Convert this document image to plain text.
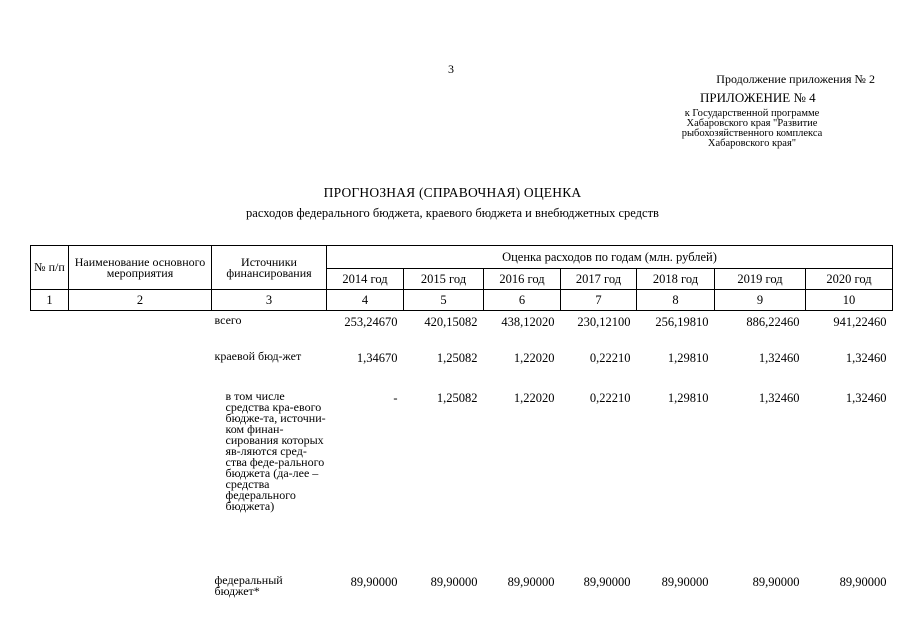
3
Продолжение приложения № 2
ПРИЛОЖЕНИЕ № 4
к Государственной программе Хабаровского края "Развитие рыбохозяйственного комплекса Хабаровского края"
ПРОГНОЗНАЯ (СПРАВОЧНАЯ) ОЦЕНКА
расходов федерального бюджета, краевого бюджета и внебюджетных средств
№ п/п	Наименование основного мероприятия	Источники финансирования	Оценка расходов по годам (млн. рублей)						
			2014 год	2015 год	2016 год	2017 год	2018 год	2019 год	2020 год
1	2	3	4	5	6	7	8	9	10
		всего	253,24670	420,15082	438,12020	230,12100	256,19810	886,22460	941,22460
		краевой бюд-жет	1,34670	1,25082	1,22020	0,22210	1,29810	1,32460	1,32460
		в том числе средства кра-евого бюдже-та, источни-ком финан-сирования которых яв-ляются сред-ства феде-рального бюджета (да-лее – средства федерального бюджета)	-	1,25082	1,22020	0,22210	1,29810	1,32460	1,32460
		федеральный бюджет*	89,90000	89,90000	89,90000	89,90000	89,90000	89,90000	89,90000
